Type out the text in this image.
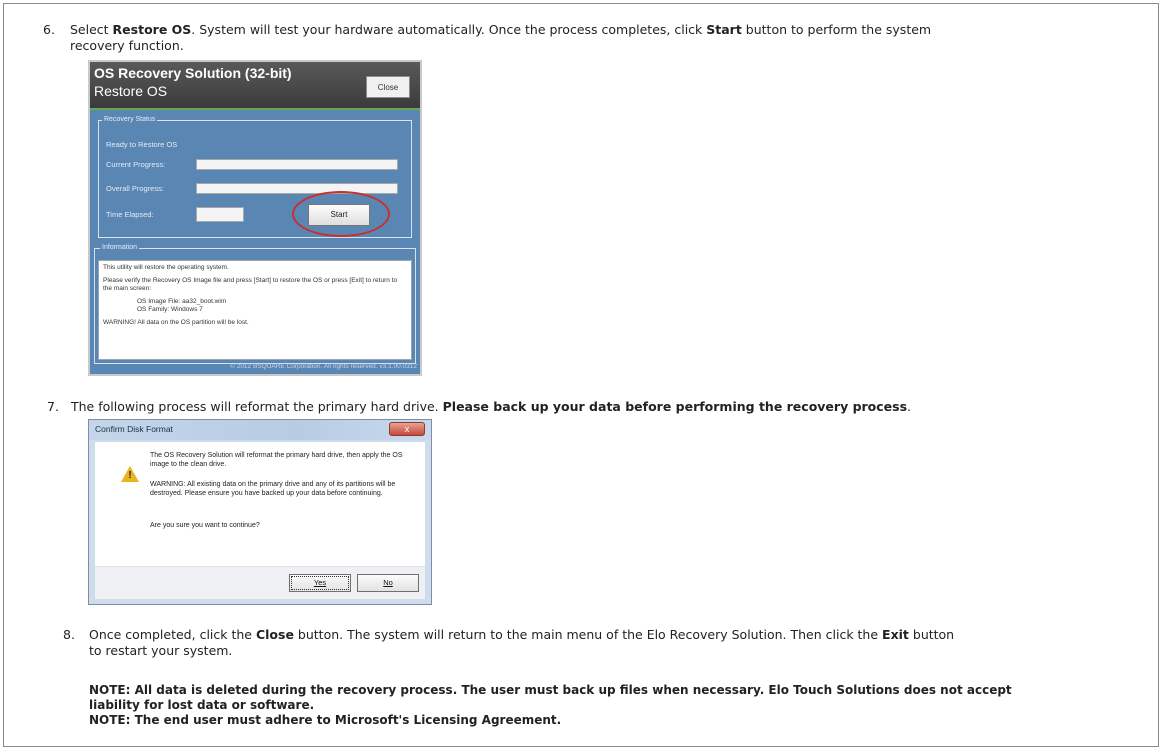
6. Select Restore OS. System will test your hardware automatically. Once the process completes, click Start button to perform the system
recovery function.
OS Recovery Solution (32-bit)
Restore OS	Close
Recovery Status
Ready to Restore OS
Current Progress:
Overall Progress:
Time Elapsed:	Start
Information

This utility will restore the operating system.

Please verify the Recovery OS Image file and press [Start] to restore the OS or press [Exit] to return to the main screen:

OS Image File: aa32_boot.wim

OS Family: Windows 7

WARNING! All data on the OS partition will be lost.

© 2012 BSQUARE Corporation. All rights reserved. v3.1.00.0312
7. The following process will reformat the primary hard drive. Please back up your data before performing the recovery process.
Confirm Disk Format	x
!
The OS Recovery Solution will reformat the primary hard drive, then apply the OS image to the clean drive.
WARNING: All existing data on the primary drive and any of its partitions will be destroyed. Please ensure you have backed up your data before continuing.
Are you sure you want to continue?
Yes	No
8. Once completed, click the Close button. The system will return to the main menu of the Elo Recovery Solution. Then click the Exit button
to restart your system.
NOTE: All data is deleted during the recovery process. The user must back up files when necessary. Elo Touch Solutions does not accept
liability for lost data or software.
NOTE: The end user must adhere to Microsoft's Licensing Agreement.
